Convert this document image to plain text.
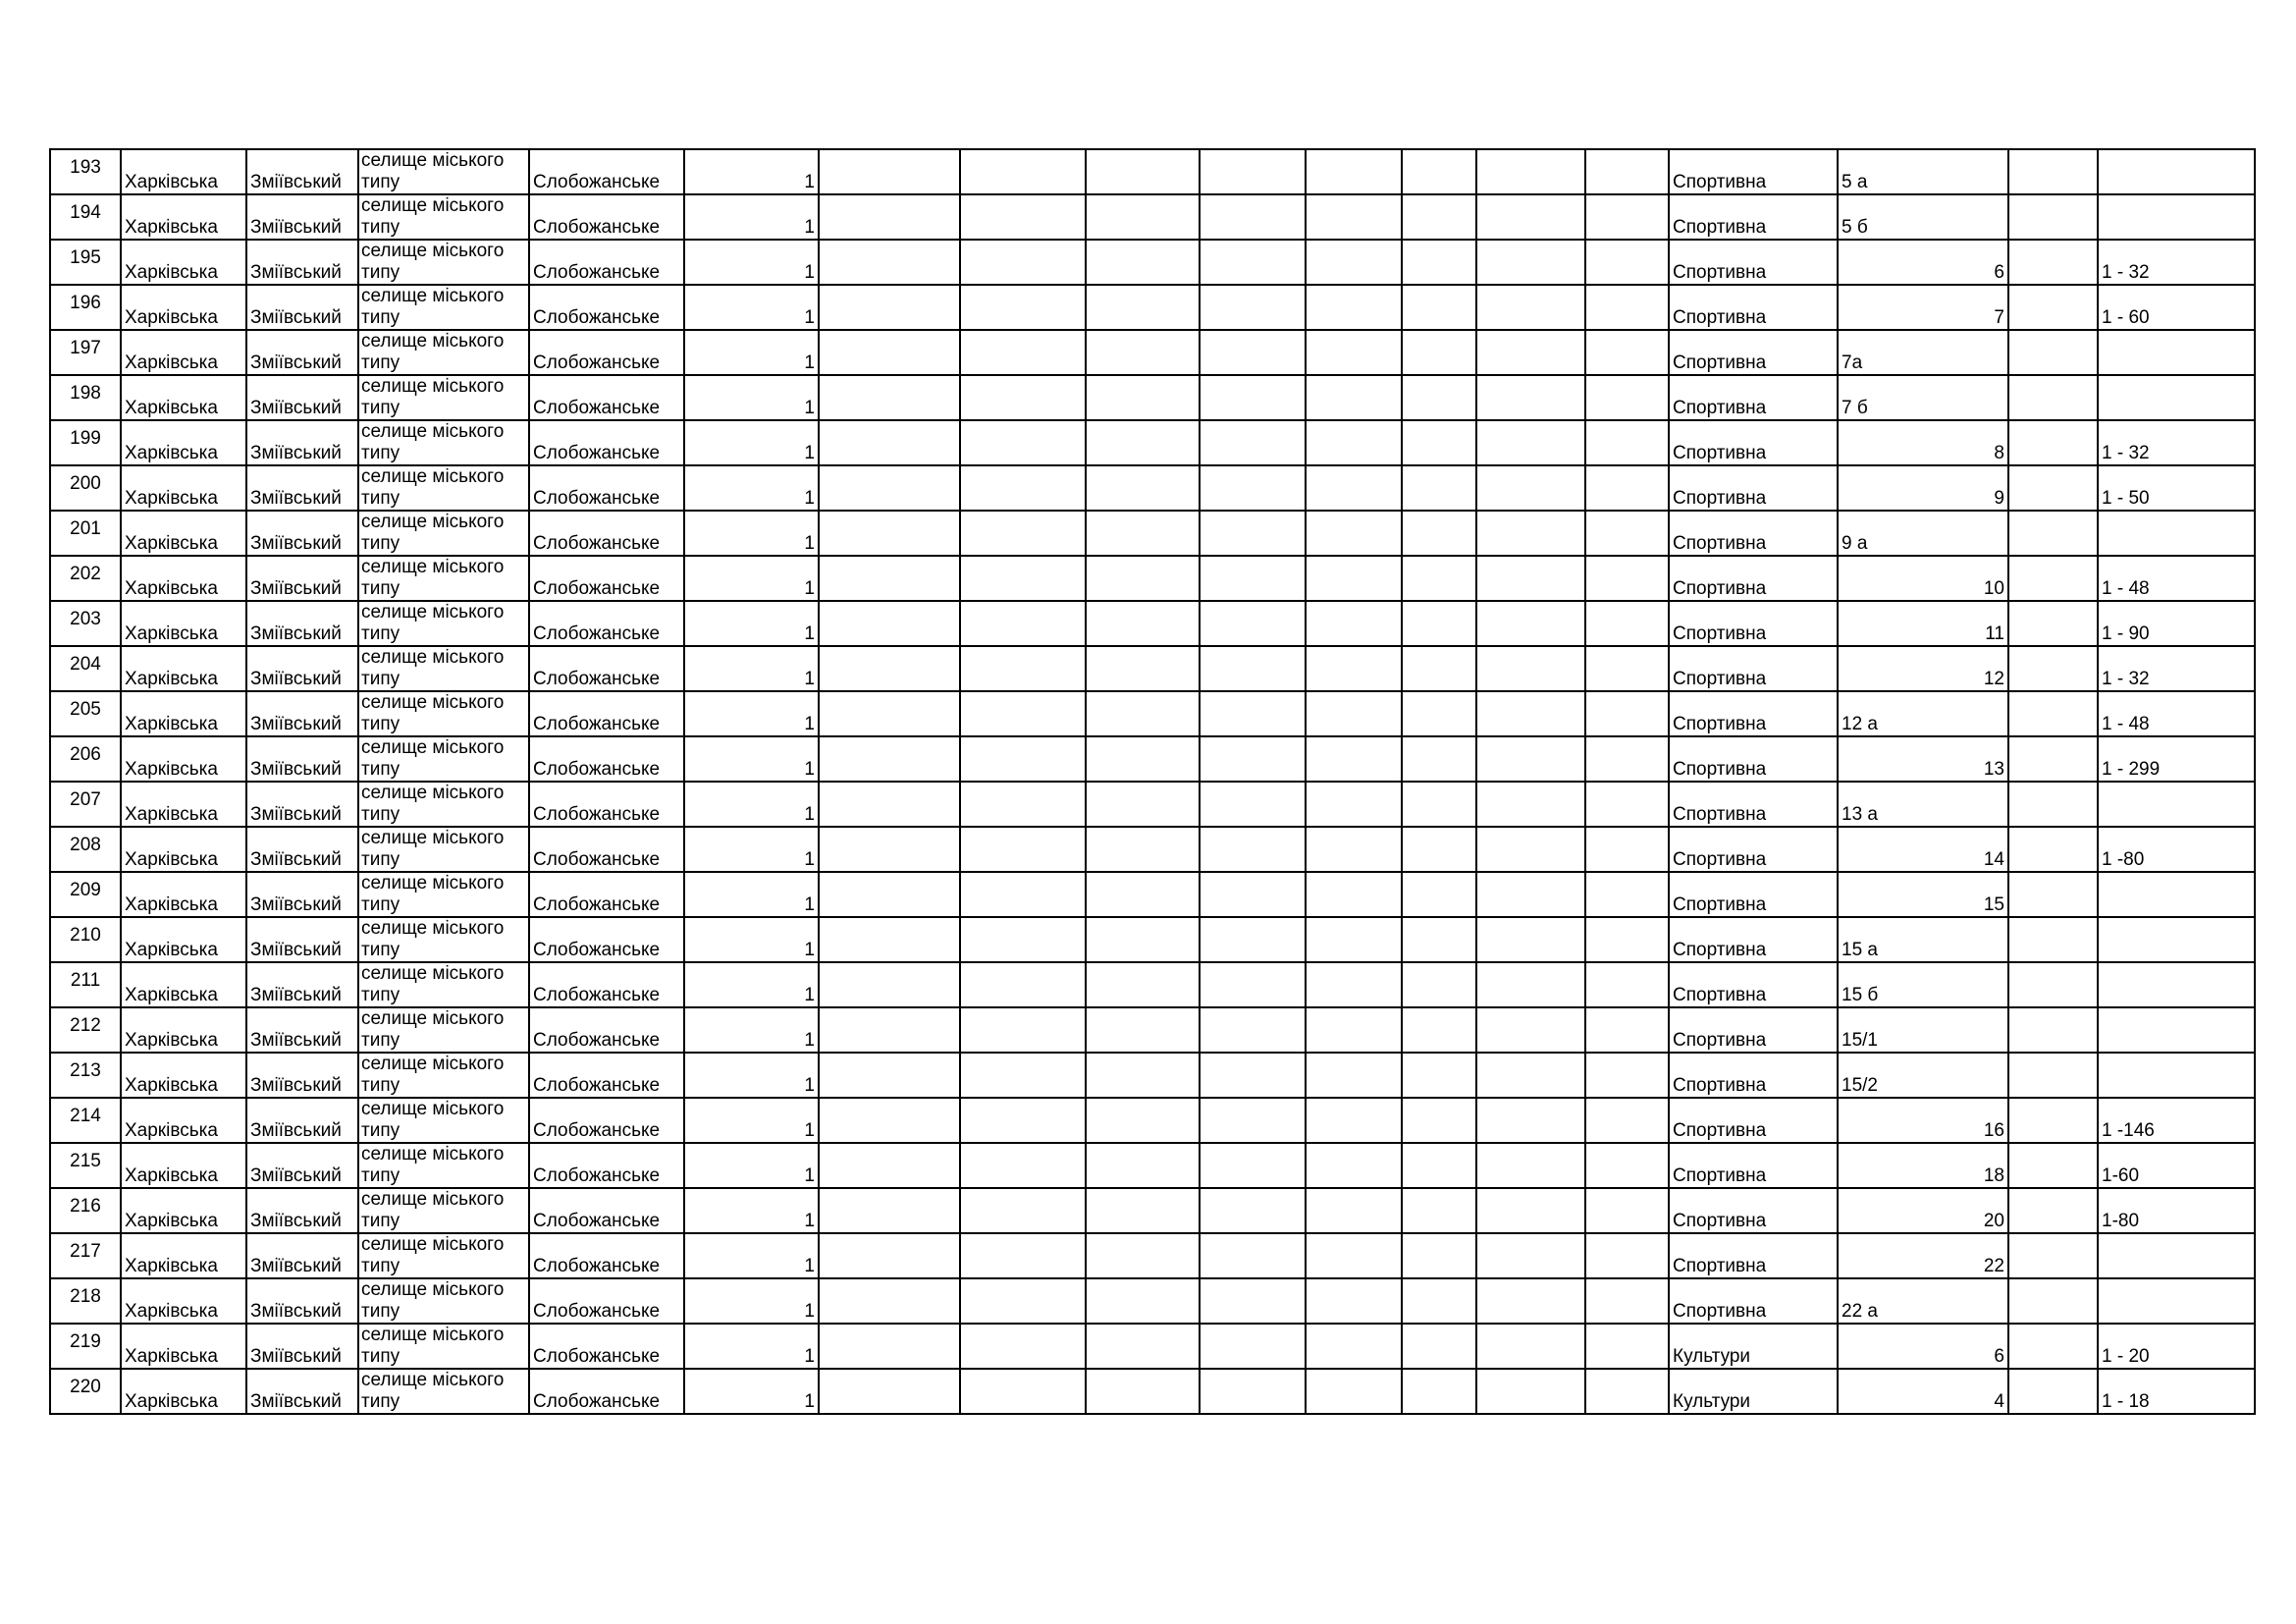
193	Харківська	Зміївський	селище міського
типу	Слобожанське	1									Спортивна	5 а		
194	Харківська	Зміївський	селище міського
типу	Слобожанське	1									Спортивна	5 б		
195	Харківська	Зміївський	селище міського
типу	Слобожанське	1									Спортивна	6		1 - 32
196	Харківська	Зміївський	селище міського
типу	Слобожанське	1									Спортивна	7		1 - 60
197	Харківська	Зміївський	селище міського
типу	Слобожанське	1									Спортивна	7а		
198	Харківська	Зміївський	селище міського
типу	Слобожанське	1									Спортивна	7 б		
199	Харківська	Зміївський	селище міського
типу	Слобожанське	1									Спортивна	8		1 - 32
200	Харківська	Зміївський	селище міського
типу	Слобожанське	1									Спортивна	9		1 - 50
201	Харківська	Зміївський	селище міського
типу	Слобожанське	1									Спортивна	9 а		
202	Харківська	Зміївський	селище міського
типу	Слобожанське	1									Спортивна	10		1 - 48
203	Харківська	Зміївський	селище міського
типу	Слобожанське	1									Спортивна	11		1 - 90
204	Харківська	Зміївський	селище міського
типу	Слобожанське	1									Спортивна	12		1 - 32
205	Харківська	Зміївський	селище міського
типу	Слобожанське	1									Спортивна	12 а		1 - 48
206	Харківська	Зміївський	селище міського
типу	Слобожанське	1									Спортивна	13		1 - 299
207	Харківська	Зміївський	селище міського
типу	Слобожанське	1									Спортивна	13 а		
208	Харківська	Зміївський	селище міського
типу	Слобожанське	1									Спортивна	14		1 -80
209	Харківська	Зміївський	селище міського
типу	Слобожанське	1									Спортивна	15		
210	Харківська	Зміївський	селище міського
типу	Слобожанське	1									Спортивна	15 а		
211	Харківська	Зміївський	селище міського
типу	Слобожанське	1									Спортивна	15 б		
212	Харківська	Зміївський	селище міського
типу	Слобожанське	1									Спортивна	15/1		
213	Харківська	Зміївський	селище міського
типу	Слобожанське	1									Спортивна	15/2		
214	Харківська	Зміївський	селище міського
типу	Слобожанське	1									Спортивна	16		1 -146
215	Харківська	Зміївський	селище міського
типу	Слобожанське	1									Спортивна	18		1-60
216	Харківська	Зміївський	селище міського
типу	Слобожанське	1									Спортивна	20		1-80
217	Харківська	Зміївський	селище міського
типу	Слобожанське	1									Спортивна	22		
218	Харківська	Зміївський	селище міського
типу	Слобожанське	1									Спортивна	22 а		
219	Харківська	Зміївський	селище міського
типу	Слобожанське	1									Культури	6		1 - 20
220	Харківська	Зміївський	селище міського
типу	Слобожанське	1									Культури	4		1 - 18
